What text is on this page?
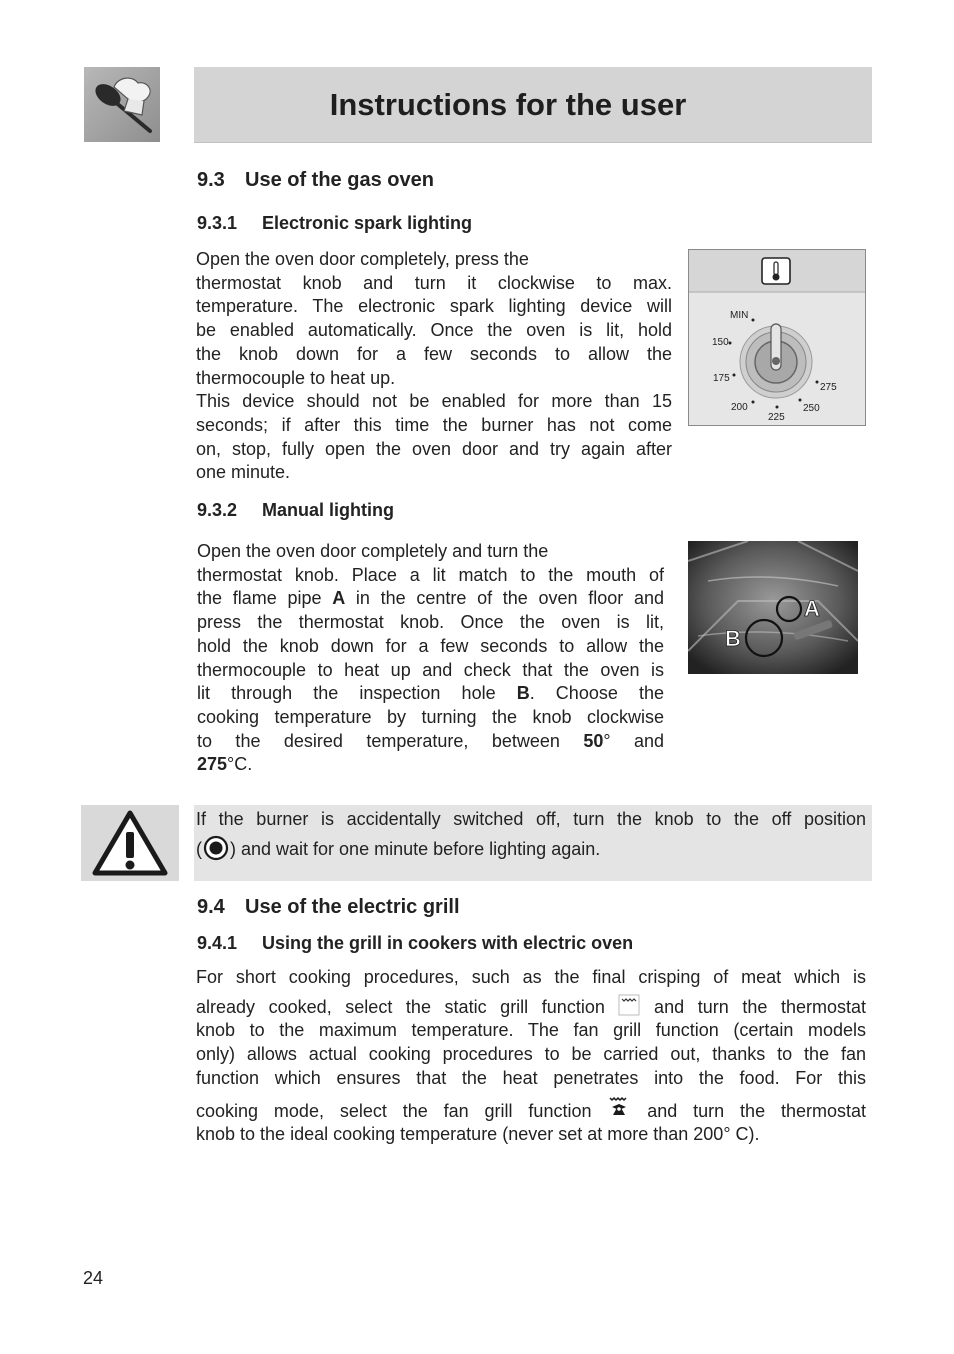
Instructions for the user
9.3 Use of the gas oven
9.3.1 Electronic spark lighting
Open the oven door completely, press the
thermostat knob and turn it clockwise to max.
temperature. The electronic spark lighting device will
be enabled automatically. Once the oven is lit, hold
the knob down for a few seconds to allow the
thermocouple to heat up.
This device should not be enabled for more than 15
seconds; if after this time the burner has not come
on, stop, fully open the oven door and try again after
one minute.
MIN
150
175
200
225
250
275
9.3.2 Manual lighting
Open the oven door completely and turn the
thermostat knob. Place a lit match to the mouth of
the flame pipe A in the centre of the oven floor and
press the thermostat knob. Once the oven is lit,
hold the knob down for a few seconds to allow the
thermocouple to heat up and check that the oven is
lit through the inspection hole B. Choose the
cooking temperature by turning the knob clockwise
to the desired temperature, between 50° and
275°C.
A
B
If the burner is accidentally switched off, turn the knob to the off position
( ) and wait for one minute before lighting again.
9.4 Use of the electric grill
9.4.1 Using the grill in cookers with electric oven
For short cooking procedures, such as the final crisping of meat which is
already cooked, select the static grill function  and turn the thermostat
knob to the maximum temperature. The fan grill function (certain models
only) allows actual cooking procedures to be carried out, thanks to the fan
function which ensures that the heat penetrates into the food. For this
cooking mode, select the fan grill function  and turn the thermostat
knob to the ideal cooking temperature (never set at more than 200° C).
24
